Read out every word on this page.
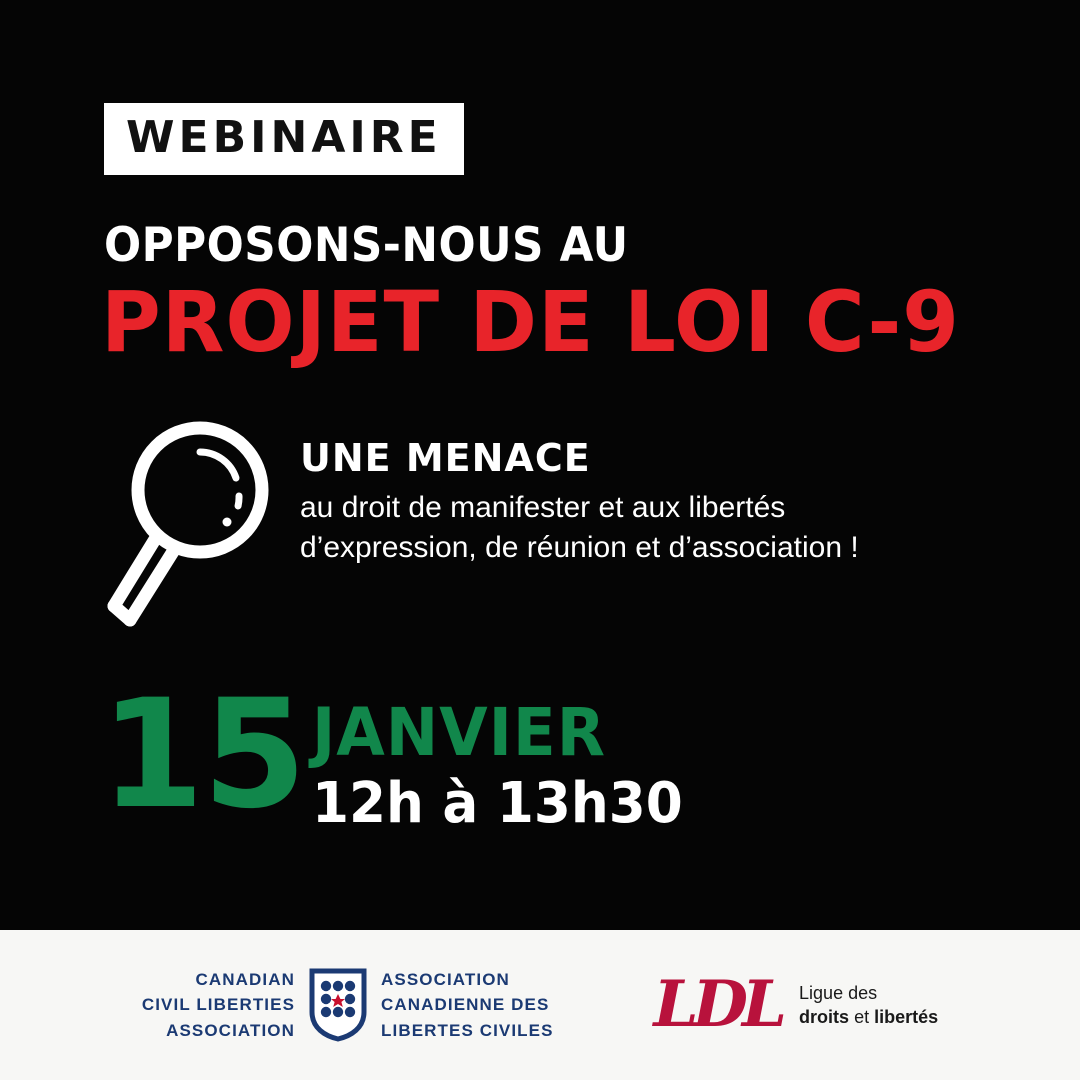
WEBINAIRE
OPPOSONS-NOUS AU
PROJET DE LOI C-9
UNE MENACE
au droit de manifester et aux libertés
d’expression, de réunion et d’association !
15 JANVIER
12h à 13h30
CANADIAN
CIVIL LIBERTIES
ASSOCIATION
ASSOCIATION
CANADIENNE DES
LIBERTES CIVILES LDL Ligue des
droits et libertés
